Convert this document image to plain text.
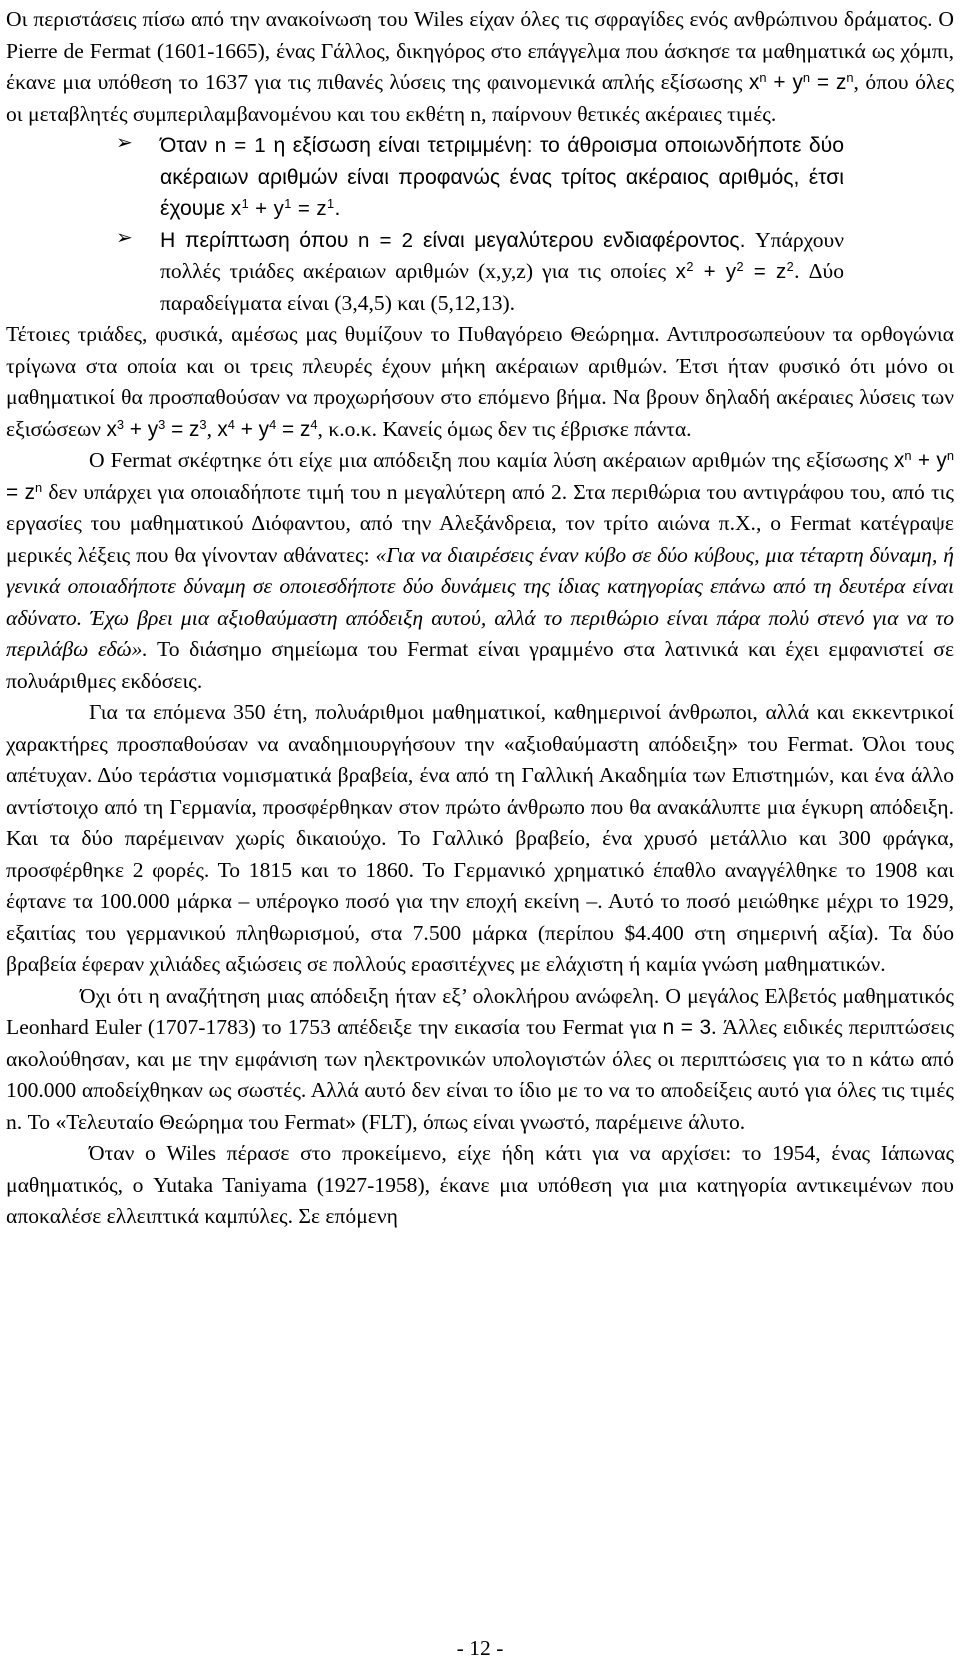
Οι περιστάσεις πίσω από την ανακοίνωση του Wiles είχαν όλες τις σφραγίδες ενός ανθρώπινου δράματος. Ο Pierre de Fermat (1601-1665), ένας Γάλλος, δικηγόρος στο επάγγελμα που άσκησε τα μαθηματικά ως χόμπι, έκανε μια υπόθεση το 1637 για τις πιθανές λύσεις της φαινομενικά απλής εξίσωσης $x^n + y^n = z^n$, όπου όλες οι μεταβλητές συμπεριλαμβανομένου και του εκθέτη n, παίρνουν θετικές ακέραιες τιμές.

➢ Όταν n = 1 η εξίσωση είναι τετριμμένη: το άθροισμα οποιωνδήποτε δύο ακέραιων αριθμών είναι προφανώς ένας τρίτος ακέραιος αριθμός, έτσι έχουμε $x^1 + y^1 = z^1$.
➢ Η περίπτωση όπου n = 2 είναι μεγαλύτερου ενδιαφέροντος. Υπάρχουν πολλές τριάδες ακέραιων αριθμών (x,y,z) για τις οποίες $x^2 + y^2 = z^2$. Δύο παραδείγματα είναι (3,4,5) και (5,12,13).

Τέτοιες τριάδες, φυσικά, αμέσως μας θυμίζουν το Πυθαγόρειο Θεώρημα. Αντιπροσωπεύουν τα ορθογώνια τρίγωνα στα οποία και οι τρεις πλευρές έχουν μήκη ακέραιων αριθμών. Έτσι ήταν φυσικό ότι μόνο οι μαθηματικοί θα προσπαθούσαν να προχωρήσουν στο επόμενο βήμα. Να βρουν δηλαδή ακέραιες λύσεις των εξισώσεων $x^3 + y^3 = z^3$, $x^4 + y^4 = z^4$, κ.ο.κ. Κανείς όμως δεν τις έβρισκε πάντα.

Ο Fermat σκέφτηκε ότι είχε μια απόδειξη που καμία λύση ακέραιων αριθμών της εξίσωσης $x^n + y^n = z^n$ δεν υπάρχει για οποιαδήποτε τιμή του n μεγαλύτερη από 2. Στα περιθώρια του αντιγράφου του, από τις εργασίες του μαθηματικού Διόφαντου, από την Αλεξάνδρεια, τον τρίτο αιώνα π.Χ., ο Fermat κατέγραψε μερικές λέξεις που θα γίνονταν αθάνατες: «Για να διαιρέσεις έναν κύβο σε δύο κύβους, μια τέταρτη δύναμη, ή γενικά οποιαδήποτε δύναμη σε οποιεσδήποτε δύο δυνάμεις της ίδιας κατηγορίας επάνω από τη δευτέρα είναι αδύνατο. Έχω βρει μια αξιοθαύμαστη απόδειξη αυτού, αλλά το περιθώριο είναι πάρα πολύ στενό για να το περιλάβω εδώ». Το διάσημο σημείωμα του Fermat είναι γραμμένο στα λατινικά και έχει εμφανιστεί σε πολυάριθμες εκδόσεις.

Για τα επόμενα 350 έτη, πολυάριθμοι μαθηματικοί, καθημερινοί άνθρωποι, αλλά και εκκεντρικοί χαρακτήρες προσπαθούσαν να αναδημιουργήσουν την «αξιοθαύμαστη απόδειξη» του Fermat. Όλοι τους απέτυχαν. Δύο τεράστια νομισματικά βραβεία, ένα από τη Γαλλική Ακαδημία των Επιστημών, και ένα άλλο αντίστοιχο από τη Γερμανία, προσφέρθηκαν στον πρώτο άνθρωπο που θα ανακάλυπτε μια έγκυρη απόδειξη. Και τα δύο παρέμειναν χωρίς δικαιούχο. Το Γαλλικό βραβείο, ένα χρυσό μετάλλιο και 300 φράγκα, προσφέρθηκε 2 φορές. Το 1815 και το 1860. Το Γερμανικό χρηματικό έπαθλο αναγγέλθηκε το 1908 και έφτανε τα 100.000 μάρκα – υπέρογκο ποσό για την εποχή εκείνη –. Αυτό το ποσό μειώθηκε μέχρι το 1929, εξαιτίας του γερμανικού πληθωρισμού, στα 7.500 μάρκα (περίπου $4.400 στη σημερινή αξία). Τα δύο βραβεία έφεραν χιλιάδες αξιώσεις σε πολλούς ερασιτέχνες με ελάχιστη ή καμία γνώση μαθηματικών.

Όχι ότι η αναζήτηση μιας απόδειξη ήταν εξ’ ολοκλήρου ανώφελη. Ο μεγάλος Ελβετός μαθηματικός Leonhard Euler (1707-1783) το 1753 απέδειξε την εικασία του Fermat για n = 3. Άλλες ειδικές περιπτώσεις ακολούθησαν, και με την εμφάνιση των ηλεκτρονικών υπολογιστών όλες οι περιπτώσεις για το n κάτω από 100.000 αποδείχθηκαν ως σωστές. Αλλά αυτό δεν είναι το ίδιο με το να το αποδείξεις αυτό για όλες τις τιμές n. Το «Τελευταίο Θεώρημα του Fermat» (FLT), όπως είναι γνωστό, παρέμεινε άλυτο.

Όταν ο Wiles πέρασε στο προκείμενο, είχε ήδη κάτι για να αρχίσει: το 1954, ένας Ιάπωνας μαθηματικός, ο Yutaka Taniyama (1927-1958), έκανε μια υπόθεση για μια κατηγορία αντικειμένων που αποκαλέσε ελλειπτικά καμπύλες. Σε επόμενη

- 12 -
